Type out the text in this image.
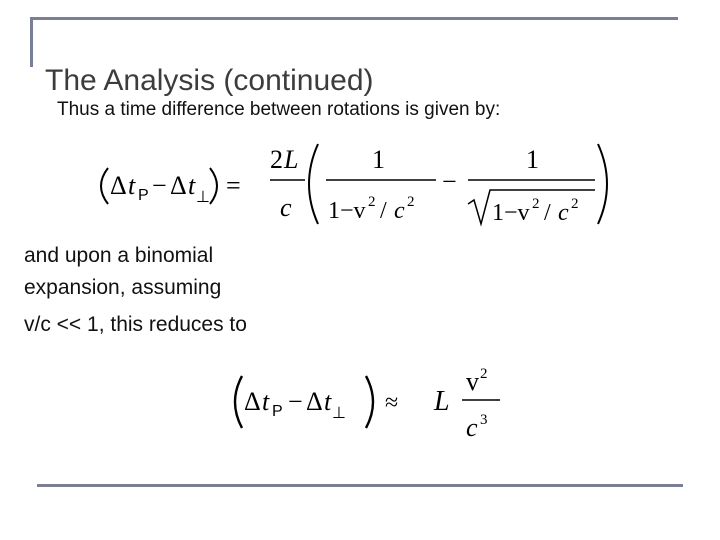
The Analysis (continued)
Thus a time difference between rotations is given by:
Δ t P − Δ t ⊥ =
2 L
c
1
1−v 2 / c 2
−
1
1−v 2 / c 2
and upon a binomial
expansion, assuming
v/c << 1, this reduces to
Δ t P − Δ t ⊥ ≈ L
v 2
c 3
